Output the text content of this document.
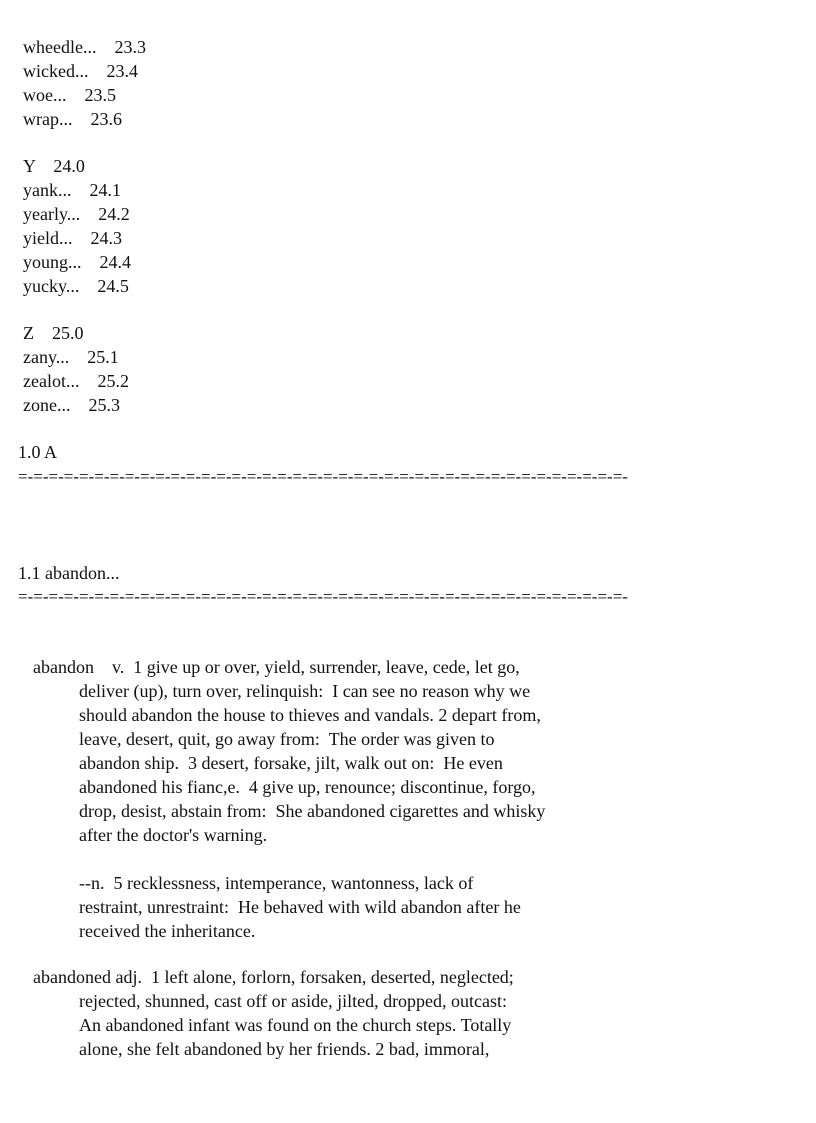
wheedle...    23.3
wicked...    23.4
woe...    23.5
wrap...    23.6
Y    24.0
yank...    24.1
yearly...    24.2
yield...    24.3
young...    24.4
yucky...    24.5
Z    25.0
zany...    25.1
zealot...    25.2
zone...    25.3
1.0 A
=-=-=-=-=-=-=-=-=-=-=-=-=-=-=-=-=-=-=-=-=-=-=-=-=-=-=-=-=-=-=-=-=-=-=-=-=-=-=-=-
1.1 abandon...
=-=-=-=-=-=-=-=-=-=-=-=-=-=-=-=-=-=-=-=-=-=-=-=-=-=-=-=-=-=-=-=-=-=-=-=-=-=-=-=-
abandon    v.  1 give up or over, yield, surrender, leave, cede, let go,
deliver (up), turn over, relinquish:  I can see no reason why we
should abandon the house to thieves and vandals. 2 depart from,
leave, desert, quit, go away from:  The order was given to
abandon ship.  3 desert, forsake, jilt, walk out on:  He even
abandoned his fianc,e.  4 give up, renounce; discontinue, forgo,
drop, desist, abstain from:  She abandoned cigarettes and whisky
after the doctor's warning.
--n.  5 recklessness, intemperance, wantonness, lack of
restraint, unrestraint:  He behaved with wild abandon after he
received the inheritance.
abandoned adj.  1 left alone, forlorn, forsaken, deserted, neglected;
rejected, shunned, cast off or aside, jilted, dropped, outcast:
An abandoned infant was found on the church steps. Totally
alone, she felt abandoned by her friends. 2 bad, immoral,
